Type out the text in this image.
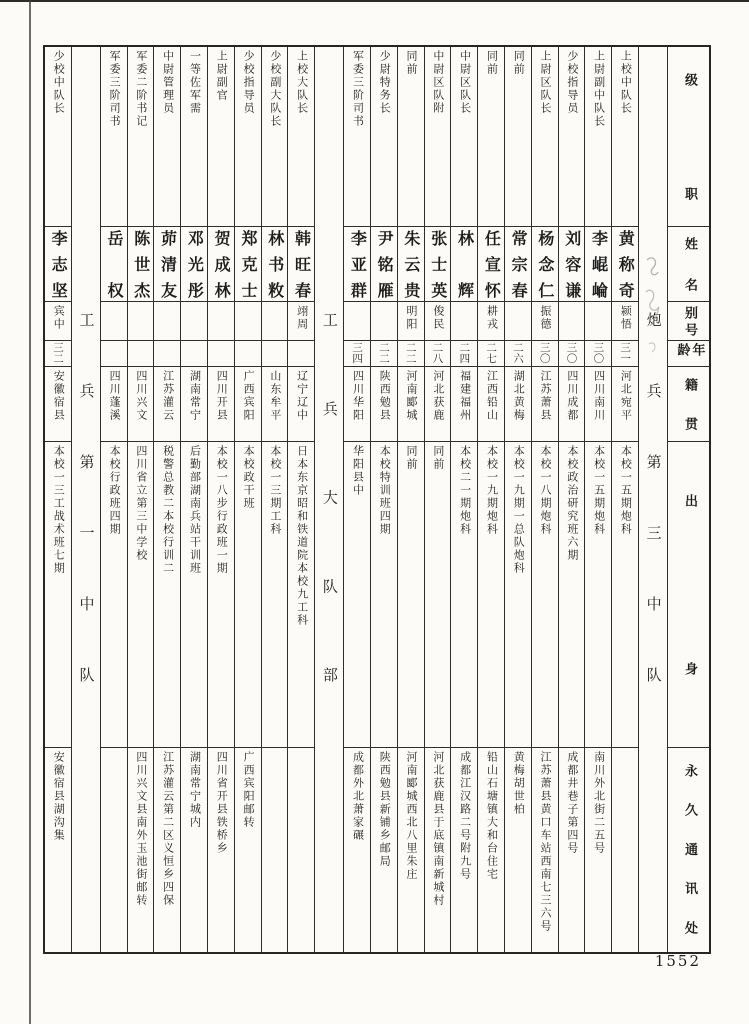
级职
姓名
别号
年龄
籍贯
出身
永久通讯处
炮兵第三中队
上校中队长
黄称奇
颍悟
三一
河北宛平
本校一五期炮科
上尉副中队长
李崐崘
三〇
四川南川
本校一五期炮科
南川外北街二五号
少校指导员
刘容谦
三〇
四川成都
本校政治研究班六期
成都井巷子第四号
上尉区队长
杨念仁
振德
三〇
江苏萧县
本校一八期炮科
江苏萧县黄口车站西南七三六号
同前
常宗春
二六
湖北黄梅
本校一九期一总队炮科
黄梅胡世柏
同前
任宣怀
耕戎
二七
江西铅山
本校一九期炮科
铅山石塘镇大和台住宅
中尉区队长
林辉
二四
福建福州
本校二一期炮科
成都江汉路二号附九号
中尉区队附
张士英
俊民
二八
河北获鹿
同前
河北获鹿县于底镇南新城村
同前
朱云贵
明阳
二二
河南郾城
同前
河南郾城西北八里朱庄
少尉特务长
尹铭雁
二二
陕西勉县
本校特训班四期
陕西勉县新铺乡邮局
军委三阶司书
李亚群
三四
四川华阳
华阳县中
成都外北萧家碾
工兵大队部
上校大队长
韩旺春
翊周
辽宁辽中
日本东京昭和铁道院本校九工科
少校副大队长
林书敉
山东牟平
本校一三期工科
少校指导员
郑克士
广西宾阳
本校政干班
广西宾阳邮转
上尉副官
贺成林
四川开县
本校一八步行政班一期
四川省开县铁桥乡
一等佐军需
邓光彤
湖南常宁
后勤部湖南兵站干训班
湖南常宁城内
中尉管理员
茆清友
江苏灌云
税警总教二本校行训二
江苏灌云第二区义恒乡四保
军委二阶书记
陈世杰
四川兴文
四川省立第三中学校
四川兴文县南外玉池街邮转
军委三阶司书
岳权
四川蓬溪
本校行政班四期
工兵第一中队
少校中队长
李志坚
宾中
三二
安徽宿县
本校一三工战术班七期
安徽宿县湖沟集
1552
